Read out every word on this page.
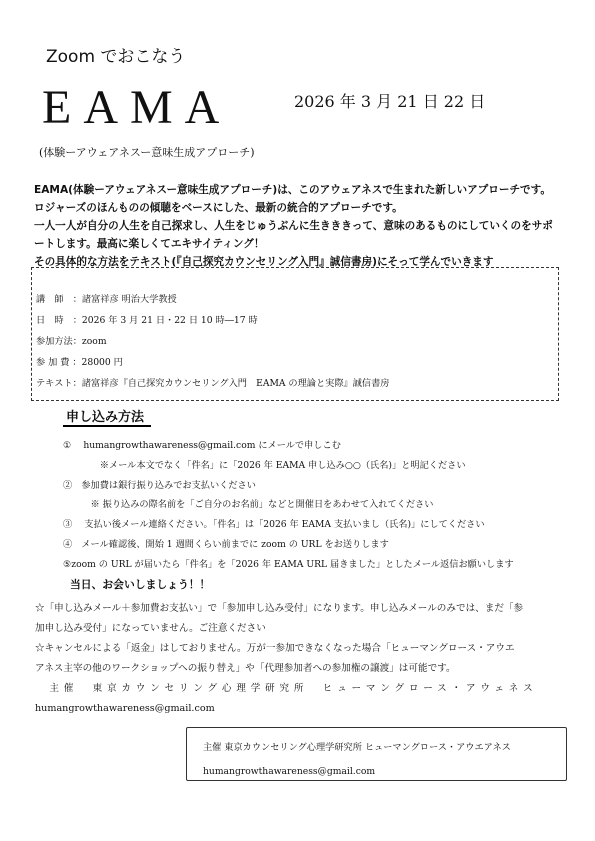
Zoom でおこなう
EAMA	2026 年 3 月 21 日 22 日
(体験ーアウェアネスー意味生成アプローチ)
EAMA(体験ーアウェアネスー意味生成アプローチ)は、このアウェアネスで生まれた新しいアプローチです。
ロジャーズのほんものの傾聴をベースにした、最新の統合的アプローチです。
一人一人が自分の人生を自己探求し、人生をじゅうぶんに生きききって、意味のあるものにしていくのをサポ
ートします。最高に楽しくてエキサイティング！
その具体的な方法をテキスト(『自己探究カウンセリング入門』誠信書房)にそって学んでいきます
講　師　：諸富祥彦 明治大学教授
日　時　：2026 年 3 月 21 日・22 日 10 時―17 時
参加方法：zoom
参 加 費 ：28000 円
テキスト：諸富祥彦『自己探究カウンセリング入門　EAMA の理論と実際』誠信書房
申し込み方法
①　 humangrowthawareness@gmail.com にメールで申しこむ
　　　　※メール本文でなく「件名」に「2026 年 EAMA 申し込み○○（氏名)」と明記ください
②　参加費は銀行振り込みでお支払いください
　　　※ 振り込みの際名前を「ご自分のお名前」などと開催日をあわせて入れてください
③　 支払い後メール連絡ください。「件名」は「2026 年 EAMA 支払いまし（氏名)」にしてください
④　メール確認後、開始 1 週間くらい前までに zoom の URL をお送りします
⑤zoom の URL が届いたら「件名」を「2026 年 EAMA URL 届きました」としたメール返信お願いします
当日、お会いしましょう！！
☆「申し込みメール＋参加費お支払い」で「参加申し込み受付」になります。申し込みメールのみでは、まだ「参
加申し込み受付」になっていません。ご注意ください
☆キャンセルによる「返金」はしておりません。万が一参加できなくなった場合「ヒューマングロース・アウエ
アネス主宰の他のワークショップへの振り替え」や「代理参加者への参加権の譲渡」は可能です。
　主催　東京カウンセリング心理学研究所　ヒューマングロース・アウェネス
humangrowthawareness@gmail.com
主催 東京カウンセリング心理学研究所 ヒューマングロース・アウエアネス
humangrowthawareness@gmail.com
